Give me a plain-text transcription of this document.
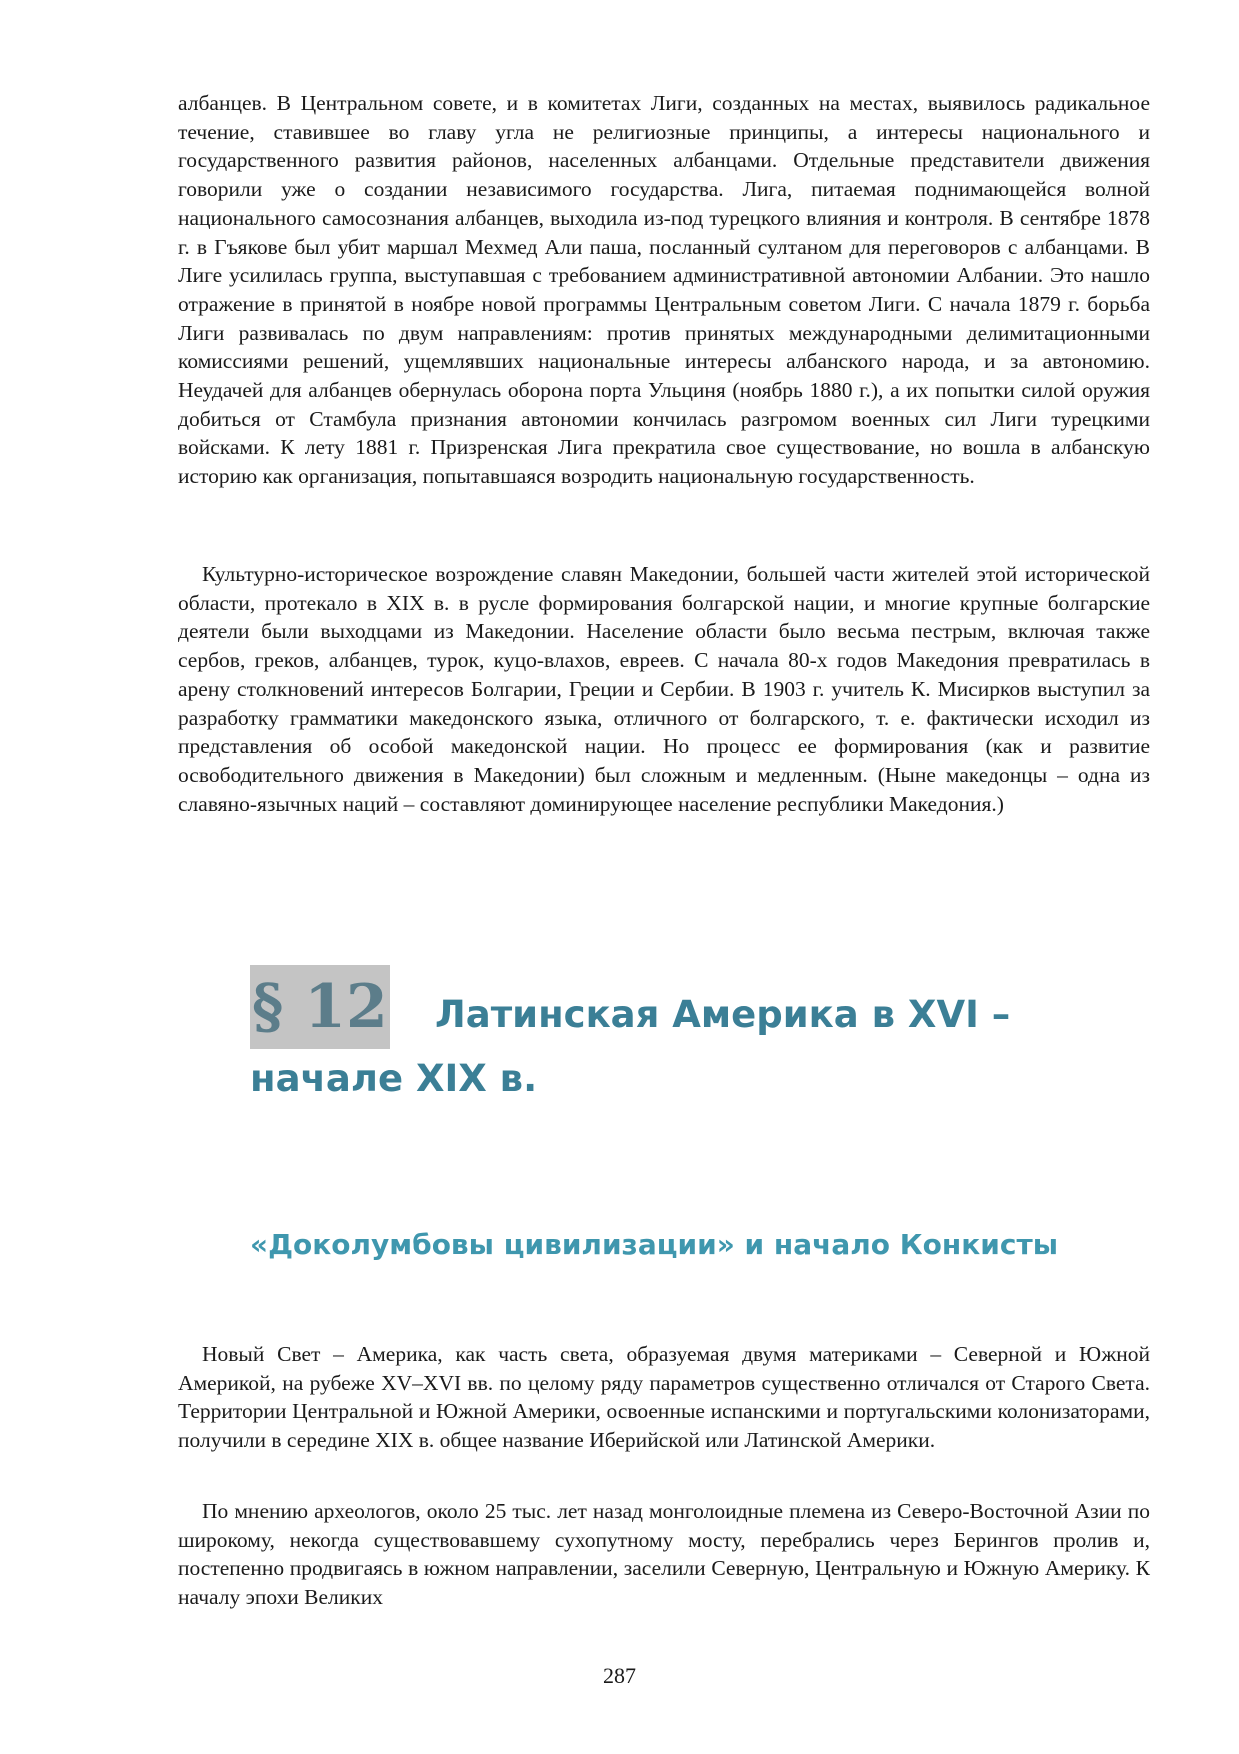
албанцев. В Центральном совете, и в комитетах Лиги, созданных на местах, выявилось радикальное течение, ставившее во главу угла не религиозные принципы, а интересы национального и государственного развития районов, населенных албанцами. Отдельные представители движения говорили уже о создании независимого государства. Лига, питаемая поднимающейся волной национального самосознания албанцев, выходила из-под турецкого влияния и контроля. В сентябре 1878 г. в Гъякове был убит маршал Мехмед Али паша, посланный султаном для переговоров с албанцами. В Лиге усилилась группа, выступавшая с требованием административной автономии Албании. Это нашло отражение в принятой в ноябре новой программы Центральным советом Лиги. С начала 1879 г. борьба Лиги развивалась по двум направлениям: против принятых международными делимитационными комиссиями решений, ущемлявших национальные интересы албанского народа, и за автономию. Неудачей для албанцев обернулась оборона порта Ульциня (ноябрь 1880 г.), а их попытки силой оружия добиться от Стамбула признания автономии кончилась разгромом военных сил Лиги турецкими войсками. К лету 1881 г. Призренская Лига прекратила свое существование, но вошла в албанскую историю как организация, попытавшаяся возродить национальную государственность.

Культурно-историческое возрождение славян Македонии, большей части жителей этой исторической области, протекало в XIX в. в русле формирования болгарской нации, и многие крупные болгарские деятели были выходцами из Македонии. Население области было весьма пестрым, включая также сербов, греков, албанцев, турок, куцо-влахов, евреев. С начала 80-х годов Македония превратилась в арену столкновений интересов Болгарии, Греции и Сербии. В 1903 г. учитель К. Мисирков выступил за разработку грамматики македонского языка, отличного от болгарского, т. е. фактически исходил из представления об особой македонской нации. Но процесс ее формирования (как и развитие освободительного движения в Македонии) был сложным и медленным. (Ныне македонцы – одна из славяно-язычных наций – составляют доминирующее население республики Македония.)

§ 12 Латинская Америка в XVI – начале XIX в.
«Доколумбовы цивилизации» и начало Конкисты

Новый Свет – Америка, как часть света, образуемая двумя материками – Северной и Южной Америкой, на рубеже XV–XVI вв. по целому ряду параметров существенно отличался от Старого Света. Территории Центральной и Южной Америки, освоенные испанскими и португальскими колонизаторами, получили в середине XIX в. общее название Иберийской или Латинской Америки.

По мнению археологов, около 25 тыс. лет назад монголоидные племена из Северо-Восточной Азии по широкому, некогда существовавшему сухопутному мосту, перебрались через Берингов пролив и, постепенно продвигаясь в южном направлении, заселили Северную, Центральную и Южную Америку. К началу эпохи Великих

287
